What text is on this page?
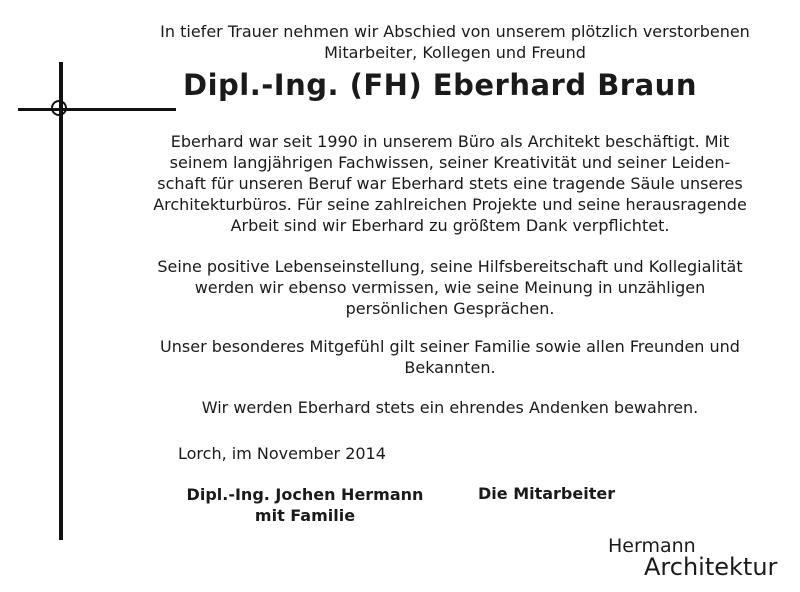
In tiefer Trauer nehmen wir Abschied von unserem plötzlich verstorbenen
Mitarbeiter, Kollegen und Freund
Dipl.-Ing. (FH) Eberhard Braun
Eberhard war seit 1990 in unserem Büro als Architekt beschäftigt. Mit
seinem langjährigen Fachwissen, seiner Kreativität und seiner Leiden-
schaft für unseren Beruf war Eberhard stets eine tragende Säule unseres
Architekturbüros. Für seine zahlreichen Projekte und seine herausragende
Arbeit sind wir Eberhard zu größtem Dank verpflichtet.
Seine positive Lebenseinstellung, seine Hilfsbereitschaft und Kollegialität
werden wir ebenso vermissen, wie seine Meinung in unzähligen
persönlichen Gesprächen.
Unser besonderes Mitgefühl gilt seiner Familie sowie allen Freunden und
Bekannten.
Wir werden Eberhard stets ein ehrendes Andenken bewahren.
Lorch, im November 2014
Dipl.-Ing. Jochen Hermann
mit Familie
Die Mitarbeiter
Hermann
Architektur
